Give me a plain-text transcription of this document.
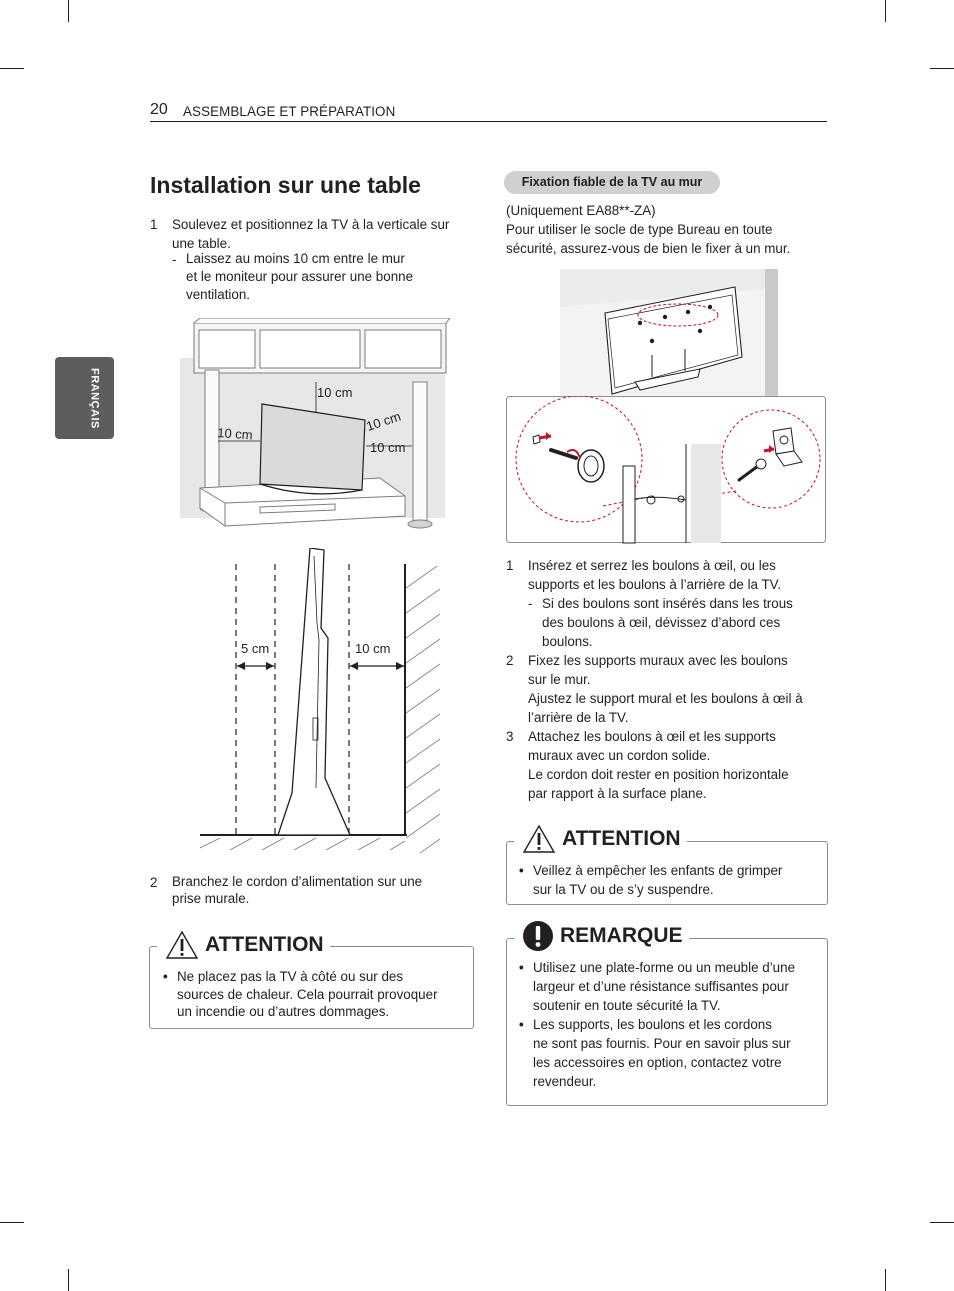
20 ASSEMBLAGE ET PRÉPARATION
FRANÇAIS
Installation sur une table
1 Soulevez et positionnez la TV à la verticale sur
une table.
- Laissez au moins 10 cm entre le mur
et le moniteur pour assurer une bonne
ventilation.
10 cm
10 cm	10 cm
10 cm
5 cm	10 cm
2 Branchez le cordon d’alimentation sur une
prise murale.
ATTENTION
• Ne placez pas la TV à côté ou sur des
sources de chaleur. Cela pourrait provoquer
un incendie ou d’autres dommages.
Fixation fiable de la TV au mur
(Uniquement EA88**-ZA)
Pour utiliser le socle de type Bureau en toute
sécurité, assurez-vous de bien le fixer à un mur.
1 Insérez et serrez les boulons à œil, ou les
supports et les boulons à l’arrière de la TV.
- Si des boulons sont insérés dans les trous
des boulons à œil, dévissez d’abord ces
boulons.
2 Fixez les supports muraux avec les boulons
sur le mur.
Ajustez le support mural et les boulons à œil à
l’arrière de la TV.
3 Attachez les boulons à œil et les supports
muraux avec un cordon solide.
Le cordon doit rester en position horizontale
par rapport à la surface plane.
ATTENTION
• Veillez à empêcher les enfants de grimper
sur la TV ou de s’y suspendre.
REMARQUE
• Utilisez une plate-forme ou un meuble d’une
largeur et d’une résistance suffisantes pour
soutenir en toute sécurité la TV.
• Les supports, les boulons et les cordons
ne sont pas fournis. Pour en savoir plus sur
les accessoires en option, contactez votre
revendeur.
